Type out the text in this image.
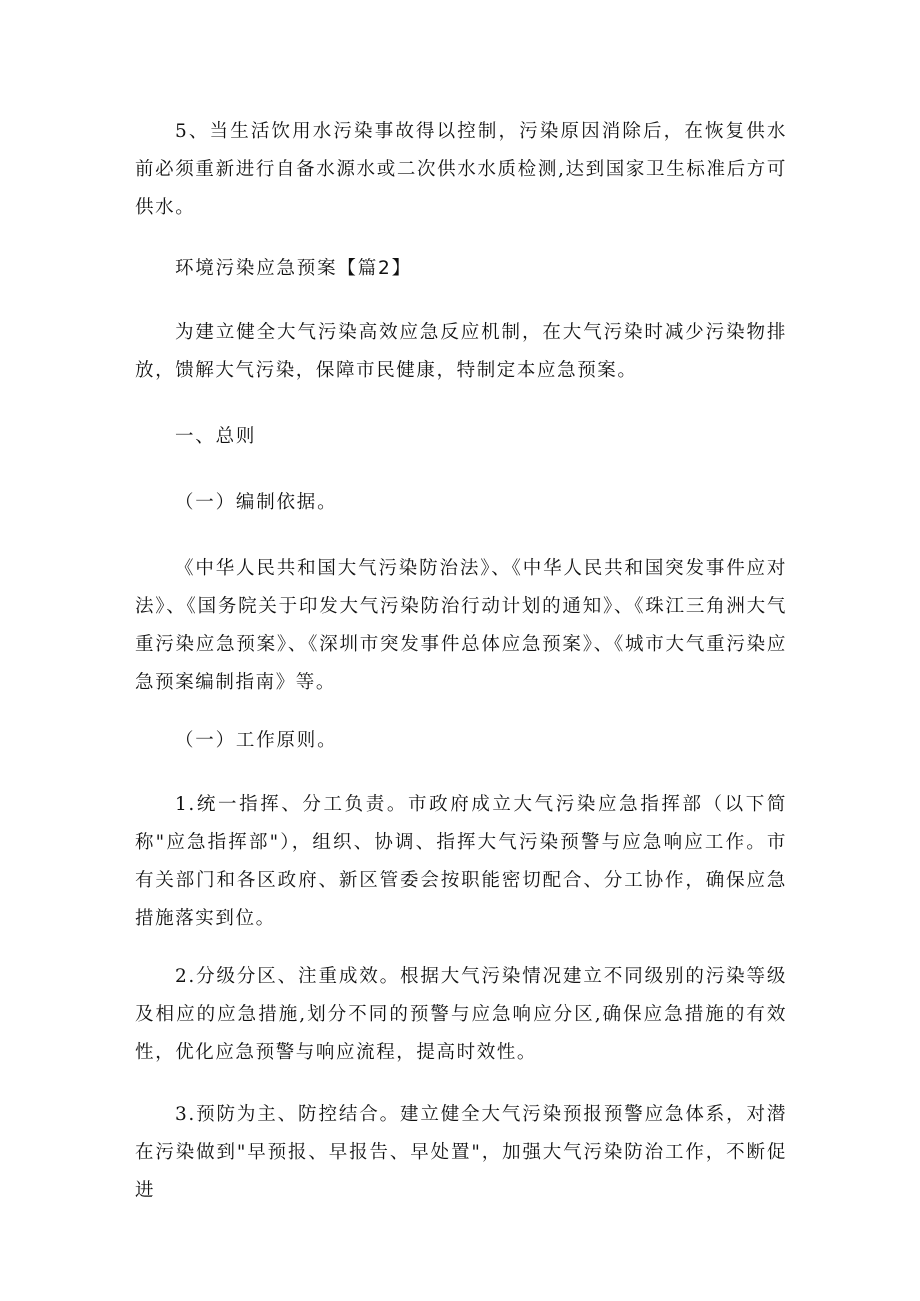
5、当生活饮用水污染事故得以控制，污染原因消除后，在恢复供水前必须重新进行自备水源水或二次供水水质检测,达到国家卫生标准后方可供水。

环境污染应急预案【篇2】

为建立健全大气污染高效应急反应机制，在大气污染时减少污染物排放，馈解大气污染，保障市民健康，特制定本应急预案。

一、总则

（一）编制依据。

《中华人民共和国大气污染防治法》、《中华人民共和国突发事件应对法》、《国务院关于印发大气污染防治行动计划的通知》、《珠江三角洲大气重污染应急预案》、《深圳市突发事件总体应急预案》、《城市大气重污染应急预案编制指南》等。

（一）工作原则。

1.统一指挥、分工负责。市政府成立大气污染应急指挥部（以下简称"应急指挥部"），组织、协调、指挥大气污染预警与应急响应工作。市有关部门和各区政府、新区管委会按职能密切配合、分工协作，确保应急措施落实到位。

2.分级分区、注重成效。根据大气污染情况建立不同级别的污染等级及相应的应急措施,划分不同的预警与应急响应分区,确保应急措施的有效性，优化应急预警与响应流程，提高时效性。

3.预防为主、防控结合。建立健全大气污染预报预警应急体系，对潜在污染做到"早预报、早报告、早处置"，加强大气污染防治工作，不断促进
